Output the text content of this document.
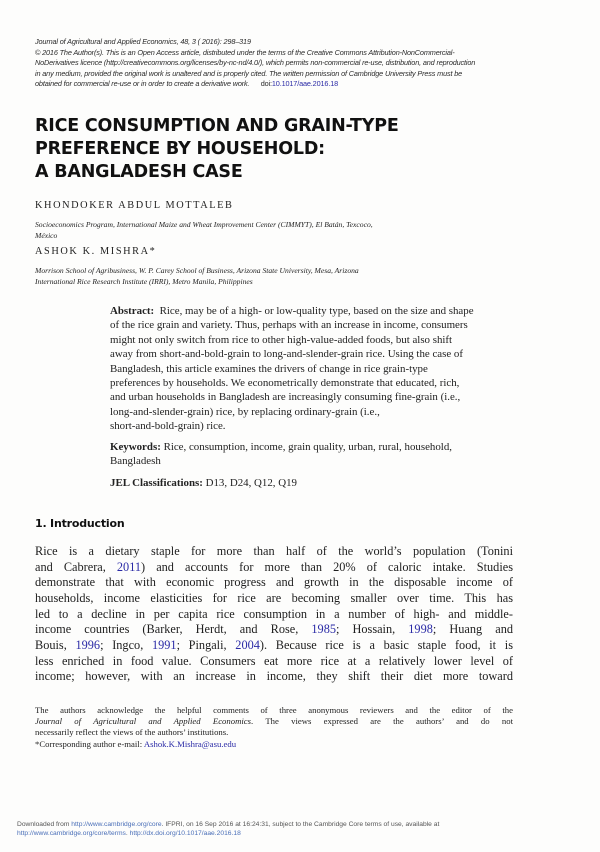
Journal of Agricultural and Applied Economics, 48, 3 ( 2016): 298–319
© 2016 The Author(s). This is an Open Access article, distributed under the terms of the Creative Commons Attribution-NonCommercial-
NoDerivatives licence (http://creativecommons.org/licenses/by-nc-nd/4.0/), which permits non-commercial re-use, distribution, and reproduction
in any medium, provided the original work is unaltered and is properly cited. The written permission of Cambridge University Press must be
obtained for commercial re-use or in order to create a derivative work. doi:10.1017/aae.2016.18
RICE CONSUMPTION AND GRAIN-TYPE
PREFERENCE BY HOUSEHOLD:
A BANGLADESH CASE
KHONDOKER ABDUL MOTTALEB
Socioeconomics Program, International Maize and Wheat Improvement Center (CIMMYT), El Batán, Texcoco,
México
ASHOK K. MISHRA*
Morrison School of Agribusiness, W. P. Carey School of Business, Arizona State University, Mesa, Arizona
International Rice Research Institute (IRRI), Metro Manila, Philippines
Abstract: Rice, may be of a high- or low-quality type, based on the size and shape
of the rice grain and variety. Thus, perhaps with an increase in income, consumers
might not only switch from rice to other high-value-added foods, but also shift
away from short-and-bold-grain to long-and-slender-grain rice. Using the case of
Bangladesh, this article examines the drivers of change in rice grain-type
preferences by households. We econometrically demonstrate that educated, rich,
and urban households in Bangladesh are increasingly consuming fine-grain (i.e.,
long-and-slender-grain) rice, by replacing ordinary-grain (i.e.,
short-and-bold-grain) rice.
Keywords: Rice, consumption, income, grain quality, urban, rural, household,
Bangladesh
JEL Classifications: D13, D24, Q12, Q19
1. Introduction
Rice is a dietary staple for more than half of the world’s population (Tonini
and Cabrera, 2011) and accounts for more than 20% of caloric intake. Studies
demonstrate that with economic progress and growth in the disposable income of
households, income elasticities for rice are becoming smaller over time. This has
led to a decline in per capita rice consumption in a number of high- and middle-
income countries (Barker, Herdt, and Rose, 1985; Hossain, 1998; Huang and
Bouis, 1996; Ingco, 1991; Pingali, 2004). Because rice is a basic staple food, it is
less enriched in food value. Consumers eat more rice at a relatively lower level of
income; however, with an increase in income, they shift their diet more toward
The authors acknowledge the helpful comments of three anonymous reviewers and the editor of the
Journal of Agricultural and Applied Economics. The views expressed are the authors’ and do not
necessarily reflect the views of the authors’ institutions.
*Corresponding author e-mail: Ashok.K.Mishra@asu.edu
Downloaded from http://www.cambridge.org/core. IFPRI, on 16 Sep 2016 at 16:24:31, subject to the Cambridge Core terms of use, available at
http://www.cambridge.org/core/terms. http://dx.doi.org/10.1017/aae.2016.18
